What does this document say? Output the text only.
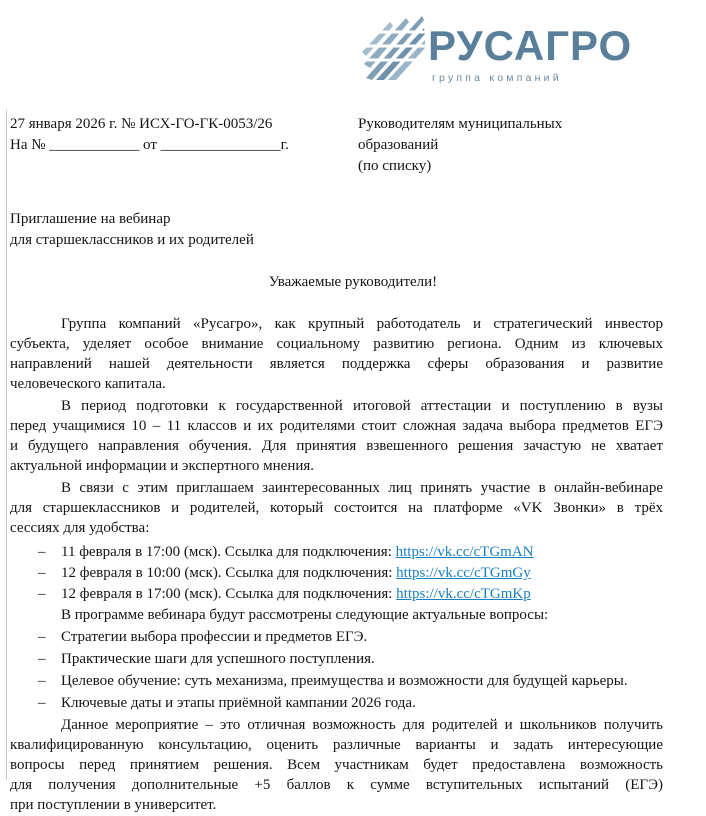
РУСАГРО
группа компаний
27 января 2026 г. № ИСХ-ГО-ГК-0053/26
На № ____________ от ________________г.
Руководителям муниципальных
образований
(по списку)
Приглашение на вебинар
для старшеклассников и их родителей
Уважаемые руководители!
Группа компаний «Русагро», как крупный работодатель и стратегический инвестор
субъекта, уделяет особое внимание социальному развитию региона. Одним из ключевых
направлений нашей деятельности является поддержка сферы образования и развитие
человеческого капитала.
В период подготовки к государственной итоговой аттестации и поступлению в вузы
перед учащимися 10 – 11 классов и их родителями стоит сложная задача выбора предметов ЕГЭ
и будущего направления обучения. Для принятия взвешенного решения зачастую не хватает
актуальной информации и экспертного мнения.
В связи с этим приглашаем заинтересованных лиц принять участие в онлайн-вебинаре
для старшеклассников и родителей, который состоится на платформе «VK Звонки» в трёх
сессиях для удобства:
– 11 февраля в 17:00 (мск). Ссылка для подключения: https://vk.cc/cTGmAN
– 12 февраля в 10:00 (мск). Ссылка для подключения: https://vk.cc/cTGmGy
– 12 февраля в 17:00 (мск). Ссылка для подключения: https://vk.cc/cTGmKp
В программе вебинара будут рассмотрены следующие актуальные вопросы:
– Стратегии выбора профессии и предметов ЕГЭ.
– Практические шаги для успешного поступления.
– Целевое обучение: суть механизма, преимущества и возможности для будущей карьеры.
– Ключевые даты и этапы приёмной кампании 2026 года.
Данное мероприятие – это отличная возможность для родителей и школьников получить
квалифицированную консультацию, оценить различные варианты и задать интересующие
вопросы перед принятием решения. Всем участникам будет предоставлена возможность
для получения дополнительные +5 баллов к сумме вступительных испытаний (ЕГЭ)
при поступлении в университет.
